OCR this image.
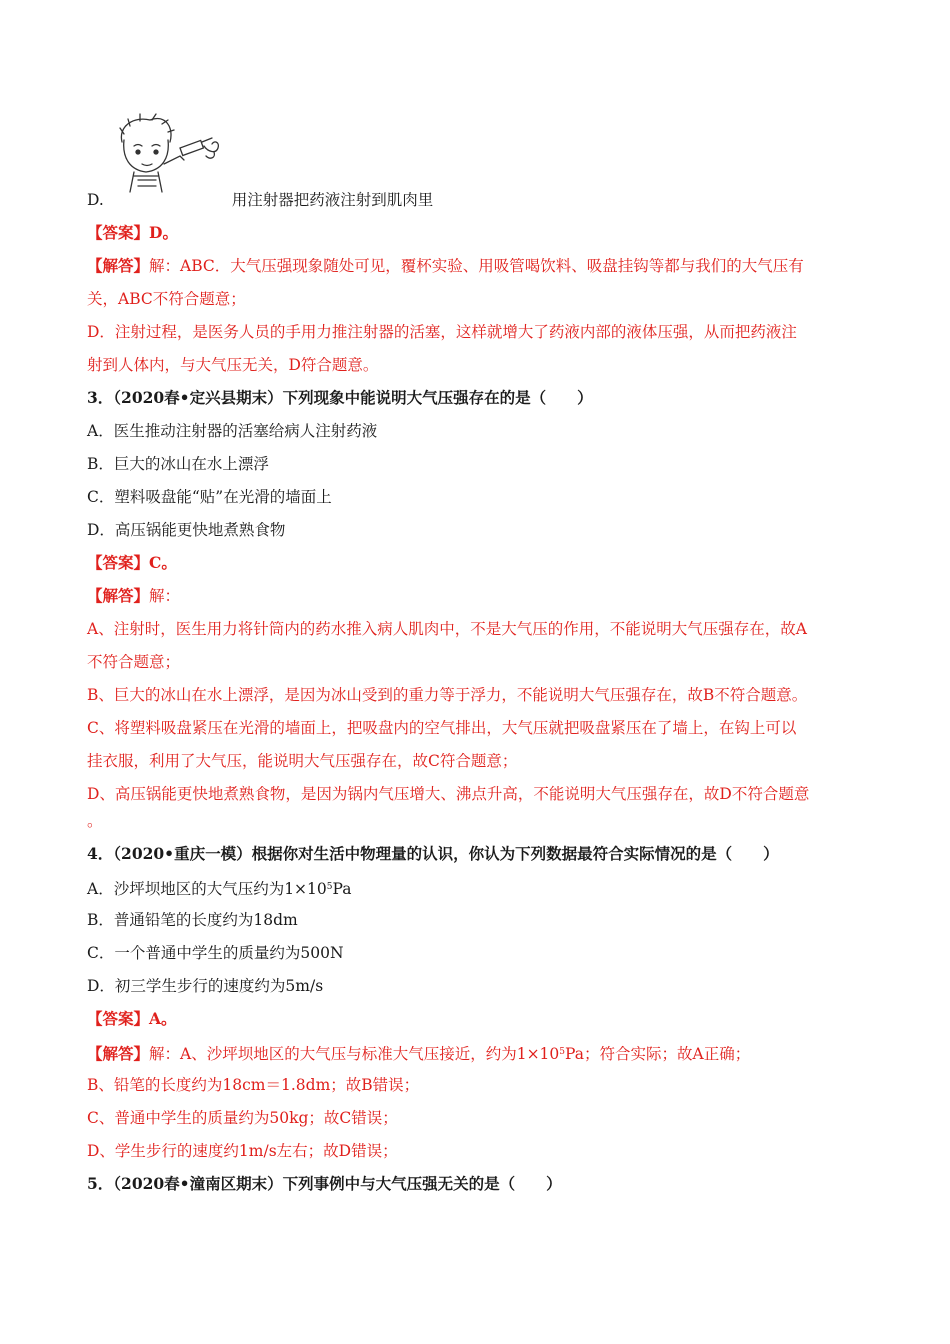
D.	用注射器把药液注射到肌肉里
【答案】D。
【解答】解：ABC．大气压强现象随处可见，覆杯实验、用吸管喝饮料、吸盘挂钩等都与我们的大气压有
关，ABC不符合题意；
D．注射过程，是医务人员的手用力推注射器的活塞，这样就增大了药液内部的液体压强，从而把药液注
射到人体内，与大气压无关，D符合题意。
3．（2020春•定兴县期末）下列现象中能说明大气压强存在的是（　　）
A．医生推动注射器的活塞给病人注射药液
B．巨大的冰山在水上漂浮
C．塑料吸盘能“贴”在光滑的墙面上
D．高压锅能更快地煮熟食物
【答案】C。
【解答】解：
A、注射时，医生用力将针筒内的药水推入病人肌肉中，不是大气压的作用，不能说明大气压强存在，故A
不符合题意；
B、巨大的冰山在水上漂浮，是因为冰山受到的重力等于浮力，不能说明大气压强存在，故B不符合题意。
C、将塑料吸盘紧压在光滑的墙面上，把吸盘内的空气排出，大气压就把吸盘紧压在了墙上，在钩上可以
挂衣服，利用了大气压，能说明大气压强存在，故C符合题意；
D、高压锅能更快地煮熟食物，是因为锅内气压增大、沸点升高，不能说明大气压强存在，故D不符合题意
。
4．（2020•重庆一模）根据你对生活中物理量的认识，你认为下列数据最符合实际情况的是（　　）
A．沙坪坝地区的大气压约为$1\times 10^5Pa$
B．普通铅笔的长度约为18dm
C．一个普通中学生的质量约为500N
D．初三学生步行的速度约为5m/s
【答案】A。
【解答】解：A、沙坪坝地区的大气压与标准大气压接近，约为$1\times 10^5Pa$；符合实际；故A正确；
B、铅笔的长度约为18cm＝1.8dm；故B错误；
C、普通中学生的质量约为50kg；故C错误；
D、学生步行的速度约1m/s左右；故D错误；
5．（2020春•潼南区期末）下列事例中与大气压强无关的是（　　）
